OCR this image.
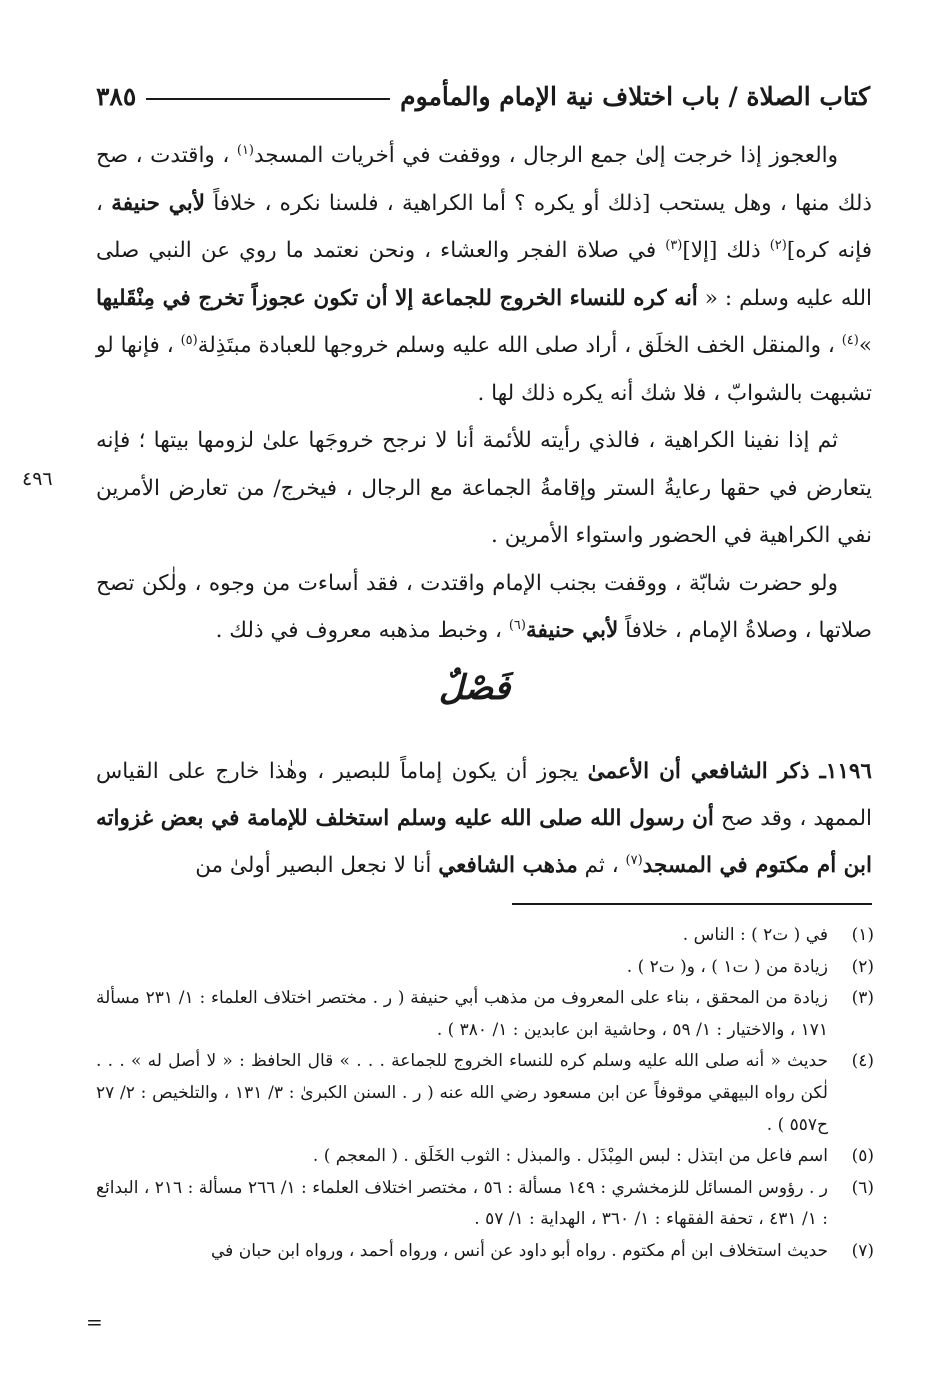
كتاب الصلاة / باب اختلاف نية الإمام والمأموم
٣٨٥

والعجوز إذا خرجت إلىٰ جمع الرجال ، ووقفت في أخريات المسجد$^{(١)}$ ، واقتدت ، صح ذلك منها ، وهل يستحب [ذلك أو يكره ؟ أما الكراهية ، فلسنا نكره ، خلافاً لأبي حنيفة ، فإنه كره]$^{(٢)}$ ذلك [إلا]$^{(٣)}$ في صلاة الفجر والعشاء ، ونحن نعتمد ما روي عن النبي صلى الله عليه وسلم : « أنه كره للنساء الخروج للجماعة إلا أن تكون عجوزاً تخرج في مِنْقَليها »$^{(٤)}$ ، والمنقل الخف الخلَق ، أراد صلى الله عليه وسلم خروجها للعبادة مبتَذِلة$^{(٥)}$ ، فإنها لو تشبهت بالشوابّ ، فلا شك أنه يكره ذلك لها .

ثم إذا نفينا الكراهية ، فالذي رأيته للأئمة أنا لا نرجح خروجَها علىٰ لزومها بيتها ؛ فإنه يتعارض في حقها رعايةُ الستر وإقامةُ الجماعة مع الرجال ، فيخرج/ من تعارض الأمرين نفي الكراهية في الحضور واستواء الأمرين .

ولو حضرت شابّة ، ووقفت بجنب الإمام واقتدت ، فقد أساءت من وجوه ، ولٰكن تصح صلاتها ، وصلاةُ الإمام ، خلافاً لأبي حنيفة$^{(٦)}$ ، وخبط مذهبه معروف في ذلك .

٤٩٦
فَصْلٌ

١١٩٦ـ ذكر الشافعي أن الأعمىٰ يجوز أن يكون إماماً للبصير ، وهٰذا خارج على القياس الممهد ، وقد صح أن رسول الله صلى الله عليه وسلم استخلف للإمامة في بعض غزواته ابن أم مكتوم في المسجد$^{(٧)}$ ، ثم مذهب الشافعي أنا لا نجعل البصير أولىٰ من

(١)
في ( ت٢ ) : الناس .
(٢)
زيادة من ( ت١ ) ، و( ت٢ ) .
(٣)
زيادة من المحقق ، بناء على المعروف من مذهب أبي حنيفة ( ر . مختصر اختلاف العلماء : ١/ ٢٣١ مسألة ١٧١ ، والاختيار : ١/ ٥٩ ، وحاشية ابن عابدين : ١/ ٣٨٠ ) .
(٤)
حديث « أنه صلى الله عليه وسلم كره للنساء الخروج للجماعة . . . » قال الحافظ : « لا أصل له » . . . لٰكن رواه البيهقي موقوفاً عن ابن مسعود رضي الله عنه ( ر . السنن الكبرىٰ : ٣/ ١٣١ ، والتلخيص : ٢/ ٢٧ ح٥٥٧ ) .
(٥)
اسم فاعل من ابتذل : لبس المِبْذَل . والمبذل : الثوب الخَلَق . ( المعجم ) .
(٦)
ر . رؤوس المسائل للزمخشري : ١٤٩ مسألة : ٥٦ ، مختصر اختلاف العلماء : ١/ ٢٦٦ مسألة : ٢١٦ ، البدائع : ١/ ٤٣١ ، تحفة الفقهاء : ١/ ٣٦٠ ، الهداية : ١/ ٥٧ .
(٧)
حديث استخلاف ابن أم مكتوم . رواه أبو داود عن أنس ، ورواه أحمد ، ورواه ابن حبان في
=
